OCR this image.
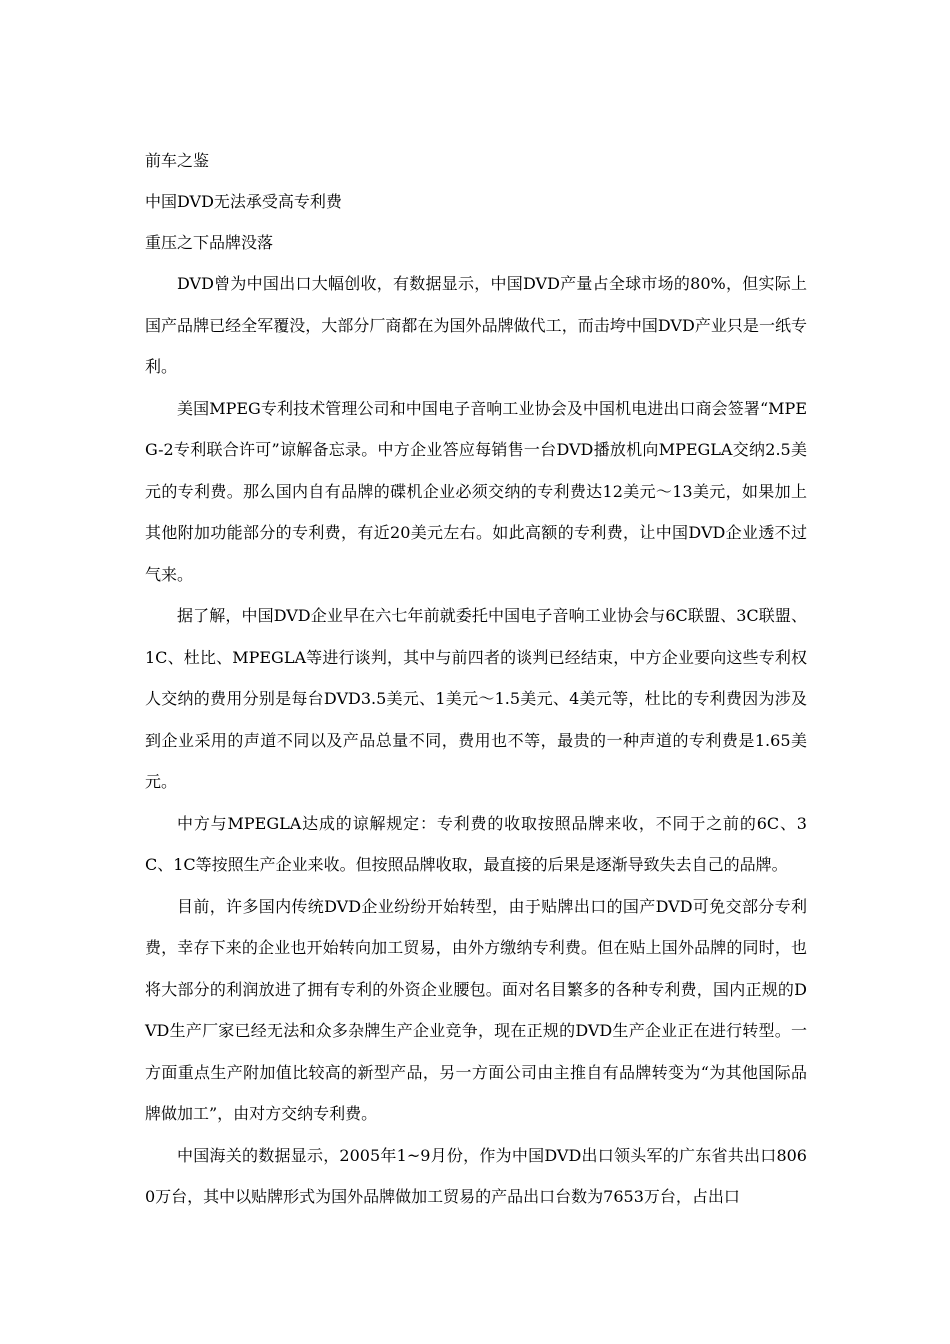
前车之鉴

中国DVD无法承受高专利费

重压之下品牌没落

DVD曾为中国出口大幅创收，有数据显示，中国DVD产量占全球市场的80%，但实际上国产品牌已经全军覆没，大部分厂商都在为国外品牌做代工，而击垮中国DVD产业只是一纸专利。

美国MPEG专利技术管理公司和中国电子音响工业协会及中国机电进出口商会签署“MPEG-2专利联合许可”谅解备忘录。中方企业答应每销售一台DVD播放机向MPEGLA交纳2.5美元的专利费。那么国内自有品牌的碟机企业必须交纳的专利费达12美元～13美元，如果加上其他附加功能部分的专利费，有近20美元左右。如此高额的专利费，让中国DVD企业透不过气来。

据了解，中国DVD企业早在六七年前就委托中国电子音响工业协会与6C联盟、3C联盟、1C、杜比、MPEGLA等进行谈判，其中与前四者的谈判已经结束，中方企业要向这些专利权人交纳的费用分别是每台DVD3.5美元、1美元～1.5美元、4美元等，杜比的专利费因为涉及到企业采用的声道不同以及产品总量不同，费用也不等，最贵的一种声道的专利费是1.65美元。

中方与MPEGLA达成的谅解规定：专利费的收取按照品牌来收，不同于之前的6C、3C、1C等按照生产企业来收。但按照品牌收取，最直接的后果是逐渐导致失去自己的品牌。

目前，许多国内传统DVD企业纷纷开始转型，由于贴牌出口的国产DVD可免交部分专利费，幸存下来的企业也开始转向加工贸易，由外方缴纳专利费。但在贴上国外品牌的同时，也将大部分的利润放进了拥有专利的外资企业腰包。面对名目繁多的各种专利费，国内正规的DVD生产厂家已经无法和众多杂牌生产企业竞争，现在正规的DVD生产企业正在进行转型。一方面重点生产附加值比较高的新型产品，另一方面公司由主推自有品牌转变为“为其他国际品牌做加工”，由对方交纳专利费。

中国海关的数据显示，2005年1~9月份，作为中国DVD出口领头军的广东省共出口8060万台，其中以贴牌形式为国外品牌做加工贸易的产品出口台数为7653万台，占出口
